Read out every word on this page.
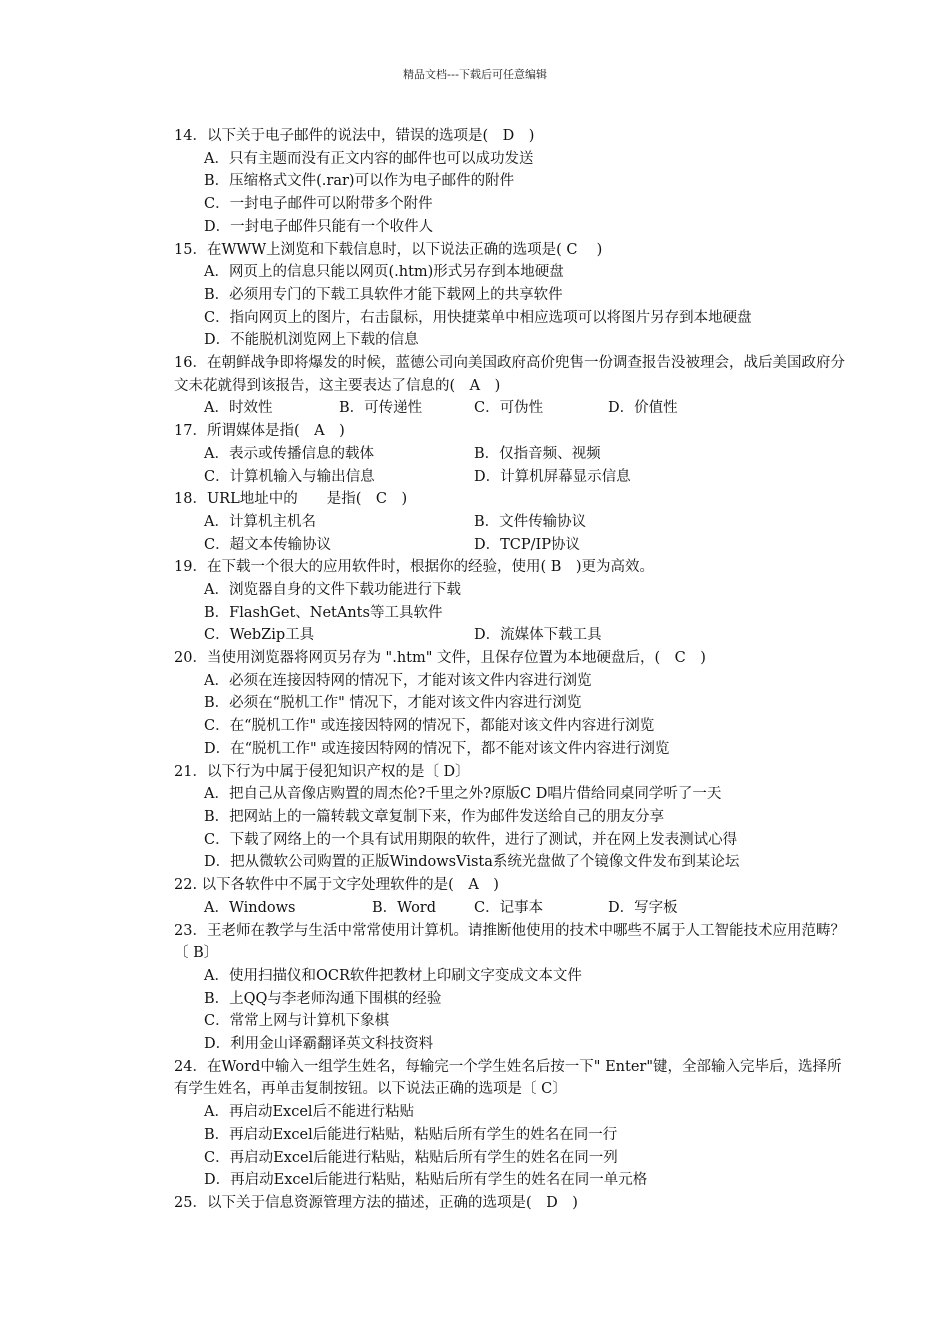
精品文档---下载后可任意编辑

14．以下关于电子邮件的说法中，错误的选项是(　D　)

A．只有主题而没有正文内容的邮件也可以成功发送

B．压缩格式文件(.rar)可以作为电子邮件的附件

C．一封电子邮件可以附带多个附件

D．一封电子邮件只能有一个收件人

15．在WWW上浏览和下载信息时，以下说法正确的选项是( C　 )

A．网页上的信息只能以网页(.htm)形式另存到本地硬盘

B．必须用专门的下载工具软件才能下载网上的共享软件

C．指向网页上的图片，右击鼠标，用快捷菜单中相应选项可以将图片另存到本地硬盘

D．不能脱机浏览网上下载的信息

16．在朝鲜战争即将爆发的时候，蓝德公司向美国政府高价兜售一份调查报告没被理会，战后美国政府分文未花就得到该报告，这主要表达了信息的(　A　)

A．时效性	B．可传递性	C．可伪性	D．价值性

17．所谓媒体是指(　A　)

A．表示或传播信息的载体	B．仅指音频、视频
C．计算机输入与输出信息	D．计算机屏幕显示信息

18．URL地址中的　　是指(　C　)

A．计算机主机名	B．文件传输协议
C．超文本传输协议	D．TCP/IP协议

19．在下载一个很大的应用软件时，根据你的经验，使用( B　)更为高效。

A．浏览器自身的文件下载功能进行下载

B．FlashGet、NetAnts等工具软件

C．WebZip工具	D．流媒体下载工具

20．当使用浏览器将网页另存为 ".htm" 文件，且保存位置为本地硬盘后，(　C　)

A．必须在连接因特网的情况下，才能对该文件内容进行浏览

B．必须在“脱机工作" 情况下，才能对该文件内容进行浏览

C．在“脱机工作" 或连接因特网的情况下，都能对该文件内容进行浏览

D．在“脱机工作" 或连接因特网的情况下，都不能对该文件内容进行浏览

21．以下行为中属于侵犯知识产权的是〔 D〕

A．把自己从音像店购置的周杰伦?千里之外?原版C D唱片借给同桌同学听了一天

B．把网站上的一篇转载文章复制下来，作为邮件发送给自己的朋友分享

C．下载了网络上的一个具有试用期限的软件，进行了测试，并在网上发表测试心得

D．把从微软公司购置的正版WindowsVista系统光盘做了个镜像文件发布到某论坛

22. 以下各软件中不属于文字处理软件的是(　A　)

A．Windows	B．Word	C．记事本	D．写字板

23．王老师在教学与生活中常常使用计算机。请推断他使用的技术中哪些不属于人工智能技术应用范畴？〔 B〕

A．使用扫描仪和OCR软件把教材上印刷文字变成文本文件

B．上QQ与李老师沟通下围棋的经验

C．常常上网与计算机下象棋

D．利用金山译霸翻译英文科技资料

24．在Word中输入一组学生姓名，每输完一个学生姓名后按一下" Enter"键，全部输入完毕后，选择所有学生姓名，再单击复制按钮。以下说法正确的选项是〔 C〕

A．再启动Excel后不能进行粘贴

B．再启动Excel后能进行粘贴，粘贴后所有学生的姓名在同一行

C．再启动Excel后能进行粘贴，粘贴后所有学生的姓名在同一列

D．再启动Excel后能进行粘贴，粘贴后所有学生的姓名在同一单元格

25．以下关于信息资源管理方法的描述，正确的选项是(　D　)
